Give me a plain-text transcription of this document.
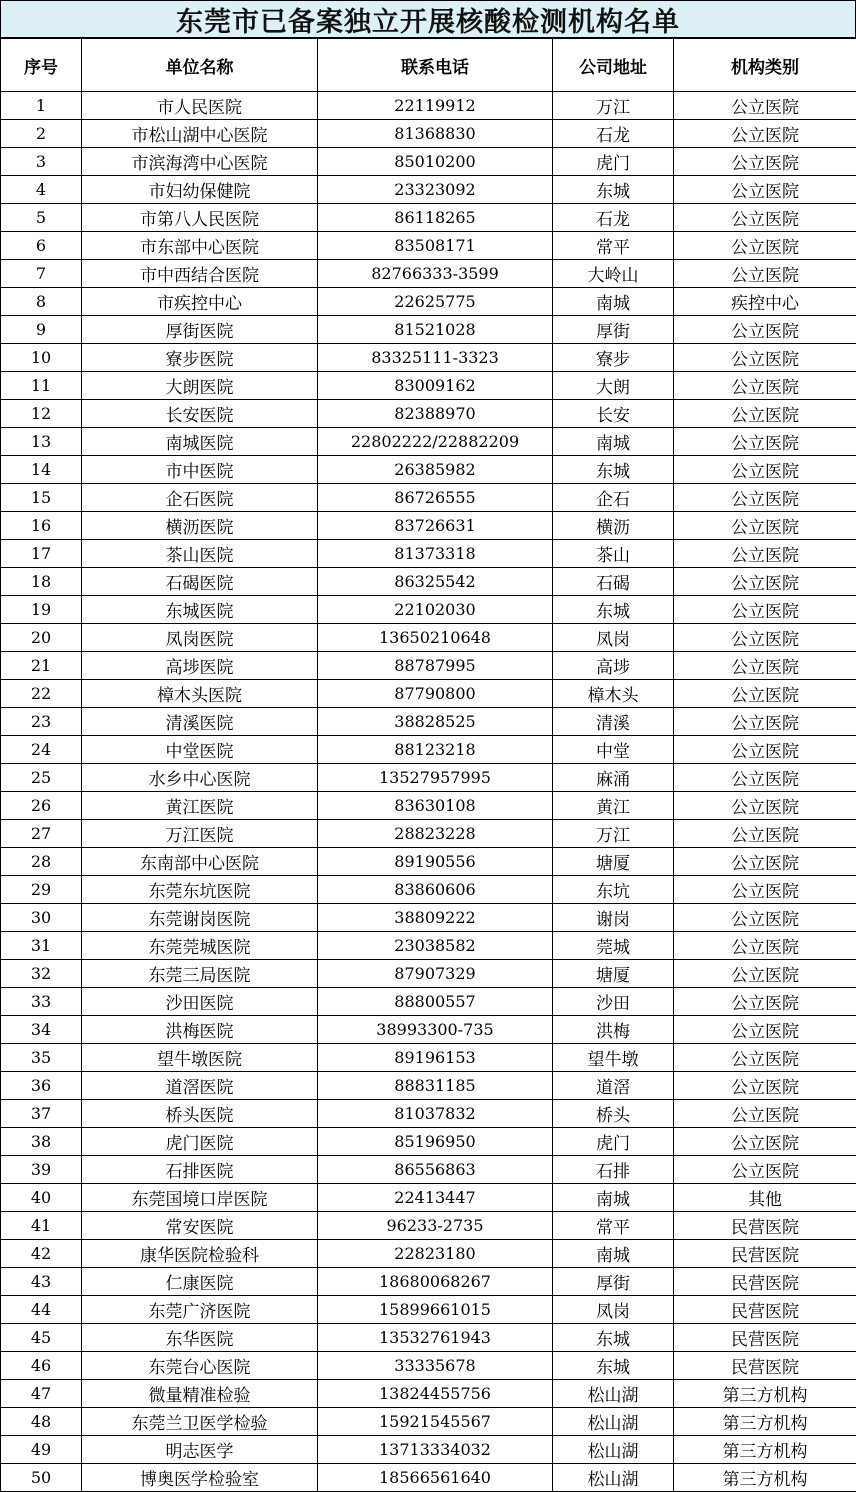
东莞市已备案独立开展核酸检测机构名单
序号	单位名称	联系电话	公司地址	机构类别
1	市人民医院	22119912	万江	公立医院
2	市松山湖中心医院	81368830	石龙	公立医院
3	市滨海湾中心医院	85010200	虎门	公立医院
4	市妇幼保健院	23323092	东城	公立医院
5	市第八人民医院	86118265	石龙	公立医院
6	市东部中心医院	83508171	常平	公立医院
7	市中西结合医院	82766333-3599	大岭山	公立医院
8	市疾控中心	22625775	南城	疾控中心
9	厚街医院	81521028	厚街	公立医院
10	寮步医院	83325111-3323	寮步	公立医院
11	大朗医院	83009162	大朗	公立医院
12	长安医院	82388970	长安	公立医院
13	南城医院	22802222/22882209	南城	公立医院
14	市中医院	26385982	东城	公立医院
15	企石医院	86726555	企石	公立医院
16	横沥医院	83726631	横沥	公立医院
17	茶山医院	81373318	茶山	公立医院
18	石碣医院	86325542	石碣	公立医院
19	东城医院	22102030	东城	公立医院
20	凤岗医院	13650210648	凤岗	公立医院
21	高埗医院	88787995	高埗	公立医院
22	樟木头医院	87790800	樟木头	公立医院
23	清溪医院	38828525	清溪	公立医院
24	中堂医院	88123218	中堂	公立医院
25	水乡中心医院	13527957995	麻涌	公立医院
26	黄江医院	83630108	黄江	公立医院
27	万江医院	28823228	万江	公立医院
28	东南部中心医院	89190556	塘厦	公立医院
29	东莞东坑医院	83860606	东坑	公立医院
30	东莞谢岗医院	38809222	谢岗	公立医院
31	东莞莞城医院	23038582	莞城	公立医院
32	东莞三局医院	87907329	塘厦	公立医院
33	沙田医院	88800557	沙田	公立医院
34	洪梅医院	38993300-735	洪梅	公立医院
35	望牛墩医院	89196153	望牛墩	公立医院
36	道滘医院	88831185	道滘	公立医院
37	桥头医院	81037832	桥头	公立医院
38	虎门医院	85196950	虎门	公立医院
39	石排医院	86556863	石排	公立医院
40	东莞国境口岸医院	22413447	南城	其他
41	常安医院	96233-2735	常平	民营医院
42	康华医院检验科	22823180	南城	民营医院
43	仁康医院	18680068267	厚街	民营医院
44	东莞广济医院	15899661015	凤岗	民营医院
45	东华医院	13532761943	东城	民营医院
46	东莞台心医院	33335678	东城	民营医院
47	微量精准检验	13824455756	松山湖	第三方机构
48	东莞兰卫医学检验	15921545567	松山湖	第三方机构
49	明志医学	13713334032	松山湖	第三方机构
50	博奥医学检验室	18566561640	松山湖	第三方机构
